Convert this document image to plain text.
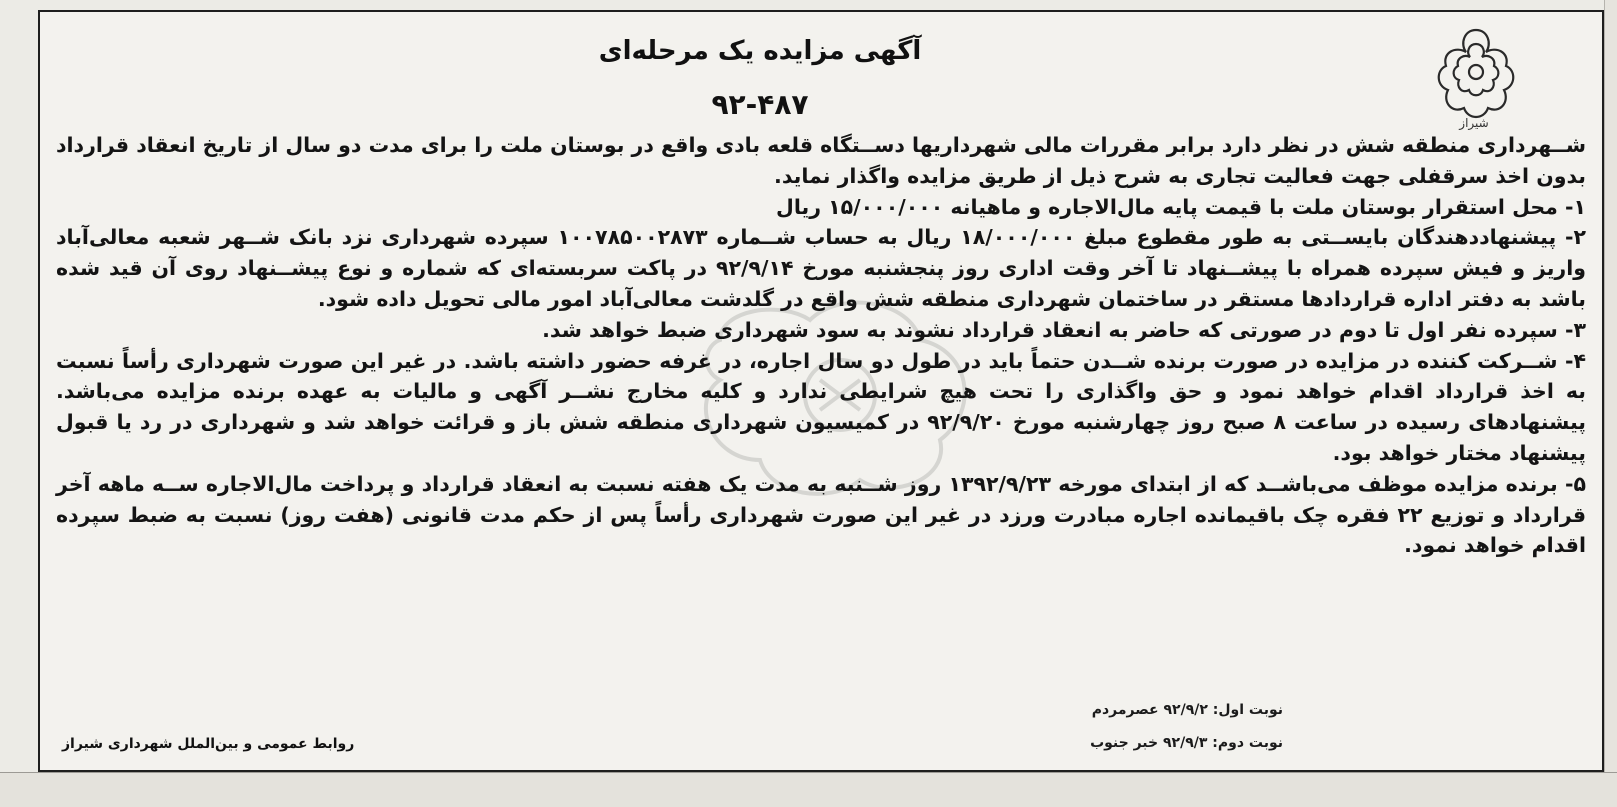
شیراز
آگهی مزایده یک مرحله‌ای
۹۲-۴۸۷

شــهرداری منطقه شش در نظر دارد برابر مقررات مالی شهرداریها دســتگاه قلعه بادی واقع در بوستان ملت را برای مدت دو سال از تاریخ انعقاد قرارداد بدون اخذ سرقفلی جهت فعالیت تجاری به شرح ذیل از طریق مزایده واگذار نماید.

۱- محل استقرار بوستان ملت با قیمت پایه مال‌الاجاره و ماهیانه ۱۵/۰۰۰/۰۰۰ ریال

۲- پیشنهاددهندگان بایســتی به طور مقطوع مبلغ ۱۸/۰۰۰/۰۰۰ ریال به حساب شــماره ۱۰۰۷۸۵۰۰۲۸۷۳ سپرده شهرداری نزد بانک شــهر شعبه معالی‌آباد واریز و فیش سپرده همراه با پیشــنهاد تا آخر وقت اداری روز پنجشنبه مورخ ۹۲/۹/۱۴ در پاکت سربسته‌ای که شماره و نوع پیشــنهاد روی آن قید شده باشد به دفتر اداره قراردادها مستقر در ساختمان شهرداری منطقه شش واقع در گلدشت معالی‌آباد امور مالی تحویل داده شود.

۳- سپرده نفر اول تا دوم در صورتی که حاضر به انعقاد قرارداد نشوند به سود شهرداری ضبط خواهد شد.

۴- شــرکت کننده در مزایده در صورت برنده شــدن حتماً باید در طول دو سال اجاره، در غرفه حضور داشته باشد. در غیر این صورت شهرداری رأساً نسبت به اخذ قرارداد اقدام خواهد نمود و حق واگذاری را تحت هیچ شرایطی ندارد و کلیه مخارج نشــر آگهی و مالیات به عهده برنده مزایده می‌باشد. پیشنهادهای رسیده در ساعت ۸ صبح روز چهارشنبه مورخ ۹۲/۹/۲۰ در کمیسیون شهرداری منطقه شش باز و قرائت خواهد شد و شهرداری در رد یا قبول پیشنهاد مختار خواهد بود.

۵- برنده مزایده موظف می‌باشــد که از ابتدای مورخه ۱۳۹۲/۹/۲۳ روز شــنبه به مدت یک هفته نسبت به انعقاد قرارداد و پرداخت مال‌الاجاره ســه ماهه آخر قرارداد و توزیع ۲۲ فقره چک باقیمانده اجاره مبادرت ورزد در غیر این صورت شهرداری رأساً پس از حکم مدت قانونی (هفت روز) نسبت به ضبط سپرده اقدام خواهد نمود.

نوبت اول: ۹۲/۹/۲ عصرمردم
نوبت دوم: ۹۲/۹/۳ خبر جنوب
روابط عمومی و بین‌الملل شهرداری شیراز
